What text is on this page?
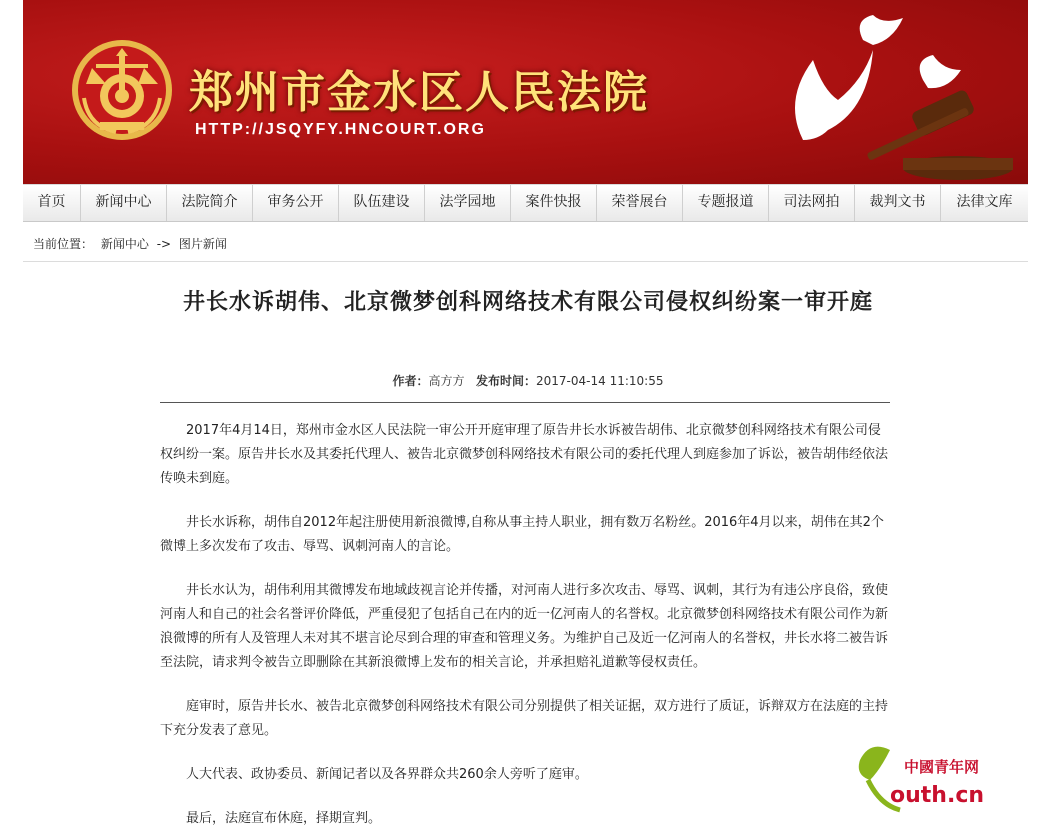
郑州市金水区人民法院
HTTP://JSQYFY.HNCOURT.ORG
首页	新闻中心	法院简介	审务公开	队伍建设	法学园地	案件快报	荣誉展台	专题报道	司法网拍	裁判文书	法律文库
当前位置： 新闻中心 -> 图片新闻
井长水诉胡伟、北京微梦创科网络技术有限公司侵权纠纷案一审开庭
作者：高方方 发布时间：2017-04-14 11:10:55

2017年4月14日，郑州市金水区人民法院一审公开开庭审理了原告井长水诉被告胡伟、北京微梦创科网络技术有限公司侵权纠纷一案。原告井长水及其委托代理人、被告北京微梦创科网络技术有限公司的委托代理人到庭参加了诉讼，被告胡伟经依法传唤未到庭。

井长水诉称，胡伟自2012年起注册使用新浪微博,自称从事主持人职业，拥有数万名粉丝。2016年4月以来，胡伟在其2个微博上多次发布了攻击、辱骂、讽刺河南人的言论。

井长水认为，胡伟利用其微博发布地域歧视言论并传播，对河南人进行多次攻击、辱骂、讽刺，其行为有违公序良俗，致使河南人和自己的社会名誉评价降低，严重侵犯了包括自己在内的近一亿河南人的名誉权。北京微梦创科网络技术有限公司作为新浪微博的所有人及管理人未对其不堪言论尽到合理的审查和管理义务。为维护自己及近一亿河南人的名誉权，井长水将二被告诉至法院，请求判令被告立即删除在其新浪微博上发布的相关言论，并承担赔礼道歉等侵权责任。

庭审时，原告井长水、被告北京微梦创科网络技术有限公司分别提供了相关证据，双方进行了质证，诉辩双方在法庭的主持下充分发表了意见。

人大代表、政协委员、新闻记者以及各界群众共260余人旁听了庭审。

最后，法庭宣布休庭，择期宣判。

中國青年网
outh.cn
